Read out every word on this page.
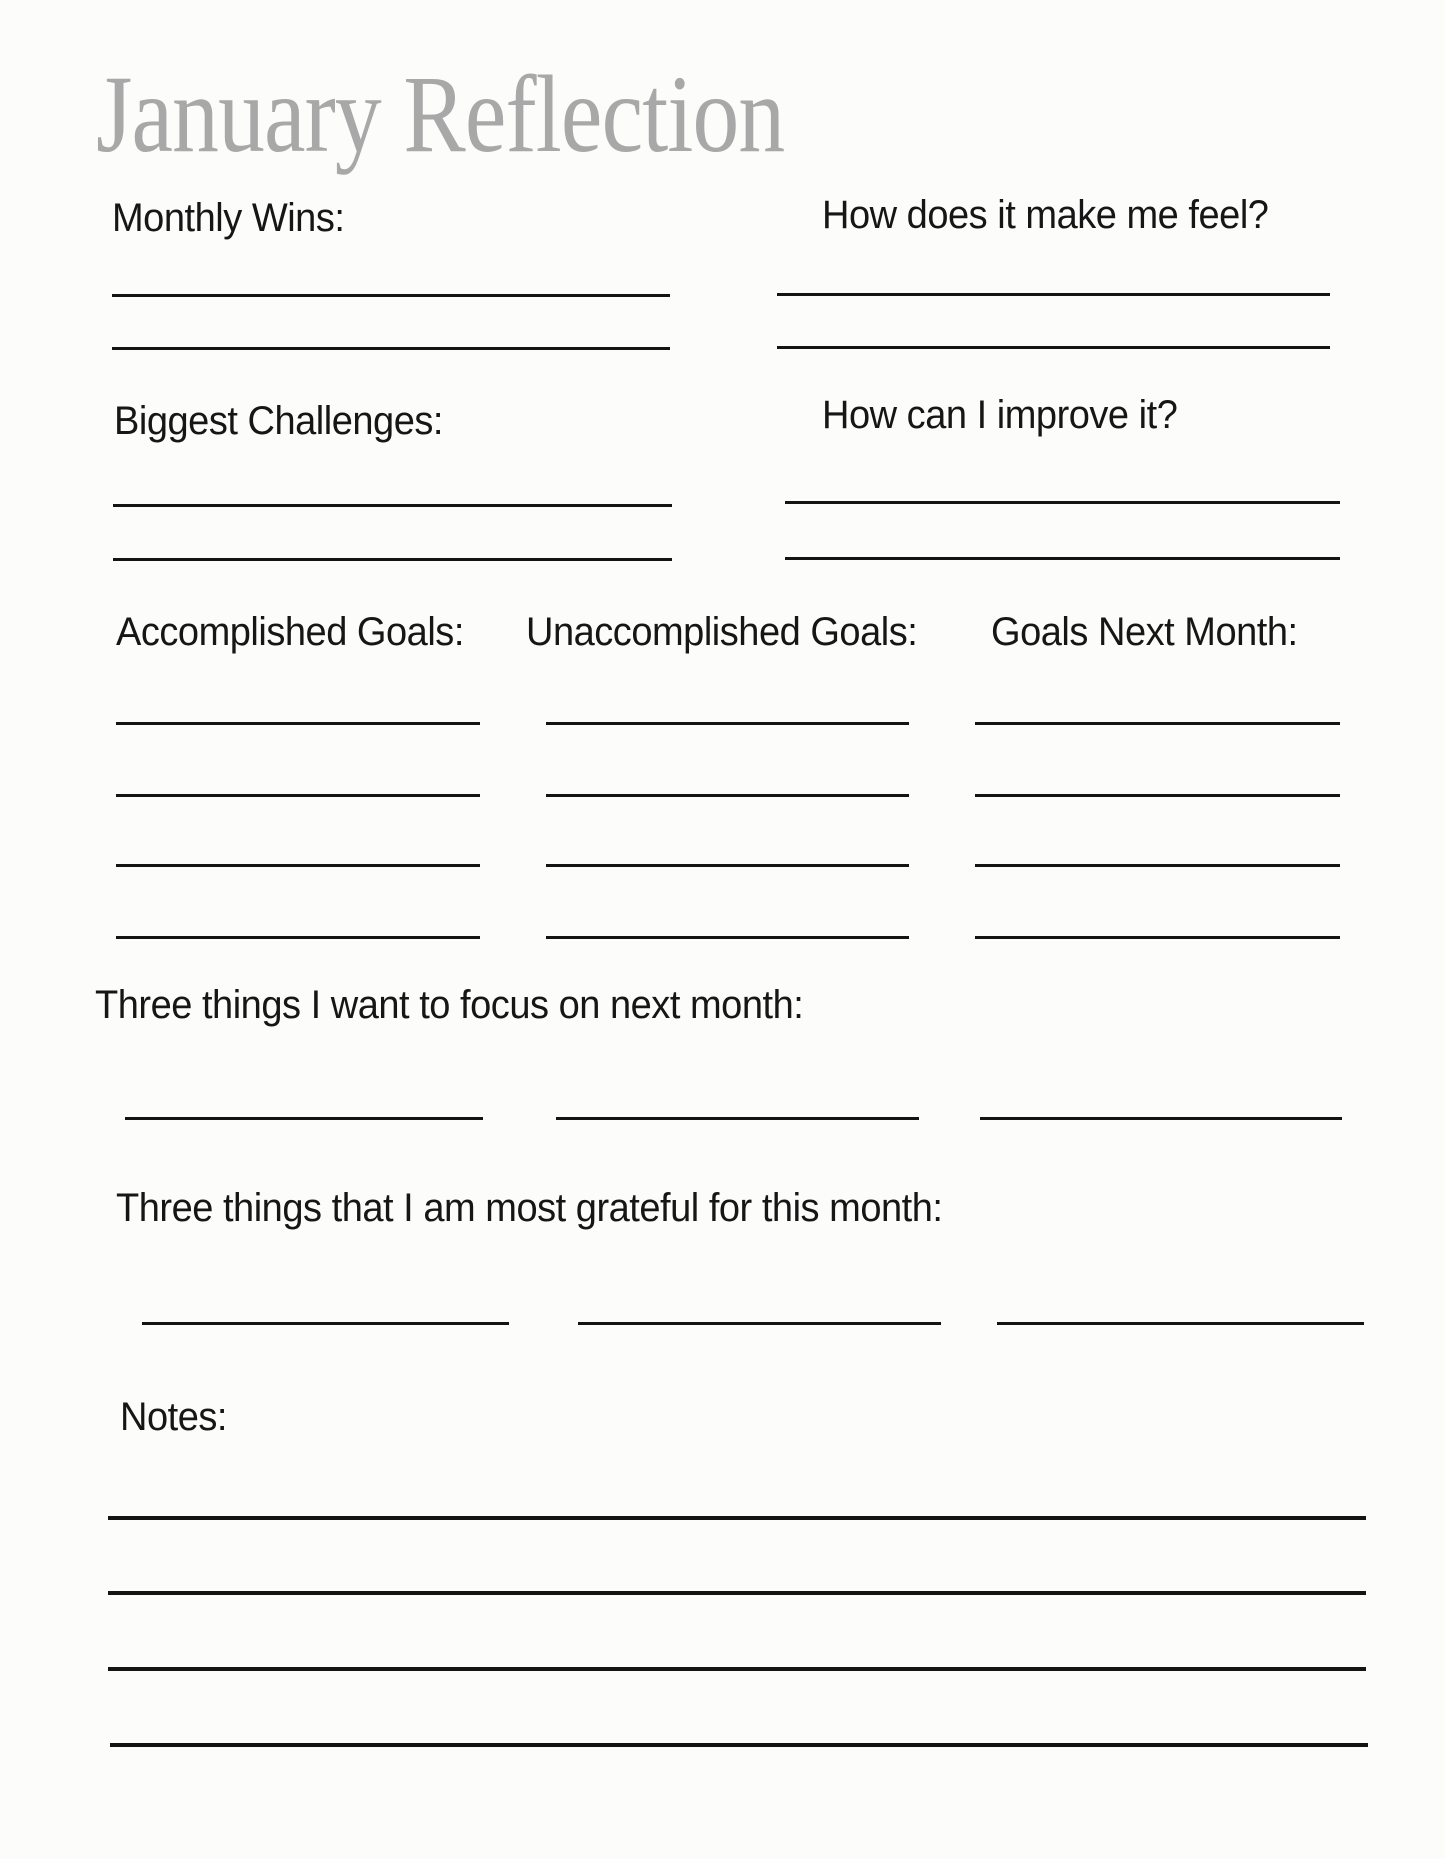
January Reflection
Monthly Wins:	How does it make me feel?
Biggest Challenges:	How can I improve it?
Accomplished Goals: Unaccomplished Goals: Goals Next Month:
Three things I want to focus on next month:
Three things that I am most grateful for this month:
Notes:
